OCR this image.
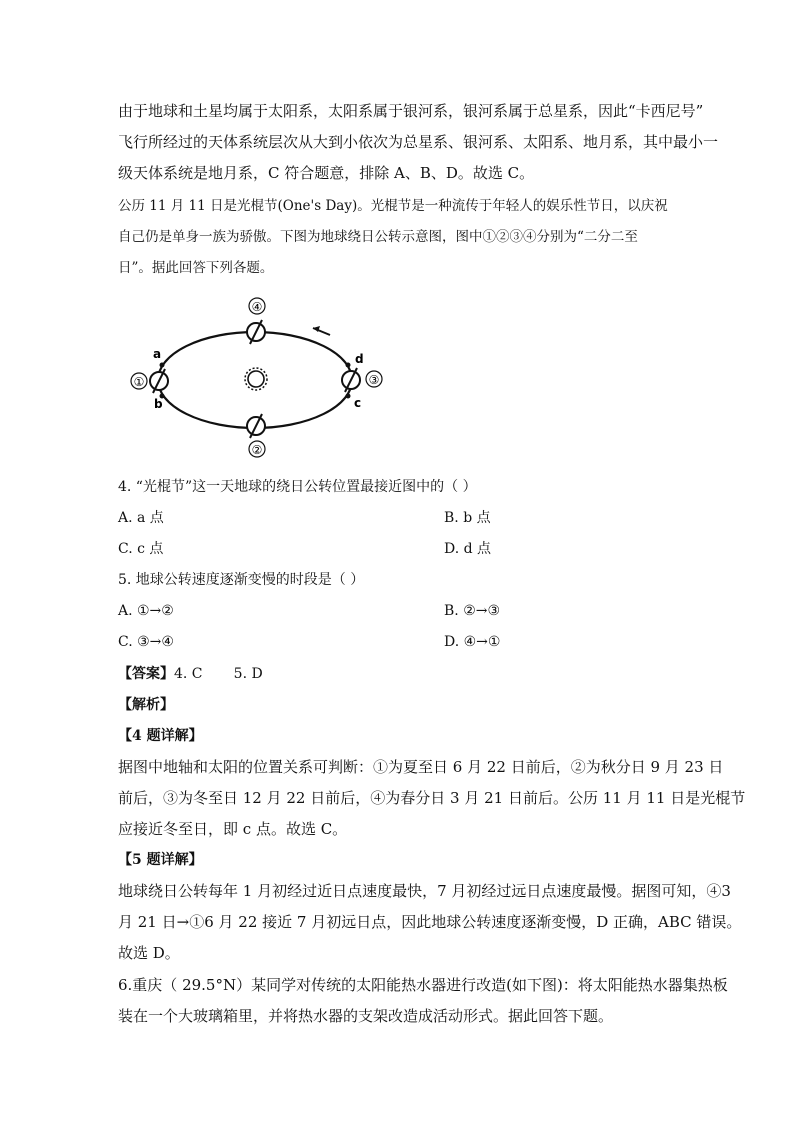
由于地球和土星均属于太阳系，太阳系属于银河系，银河系属于总星系，因此“卡西尼号”
飞行所经过的天体系统层次从大到小依次为总星系、银河系、太阳系、地月系，其中最小一
级天体系统是地月系，C 符合题意，排除 A、B、D。故选 C。
公历 11 月 11 日是光棍节(One's Day)。光棍节是一种流传于年轻人的娱乐性节日，以庆祝
自己仍是单身一族为骄傲。下图为地球绕日公转示意图，图中①②③④分别为“二分二至
日”。据此回答下列各题。
④
②
①	③
a
b	c
d
4. “光棍节”这一天地球的绕日公转位置最接近图中的（ ）
A. a 点	B. b 点
C. c 点	D. d 点
5. 地球公转速度逐渐变慢的时段是（ ）
A. ①→②	B. ②→③
C. ③→④	D. ④→①
【答案】4. C       5. D
【解析】
【4 题详解】
据图中地轴和太阳的位置关系可判断：①为夏至日 6 月 22 日前后，②为秋分日 9 月 23 日
前后，③为冬至日 12 月 22 日前后，④为春分日 3 月 21 日前后。公历 11 月 11 日是光棍节
应接近冬至日，即 c 点。故选 C。
【5 题详解】
地球绕日公转每年 1 月初经过近日点速度最快，7 月初经过远日点速度最慢。据图可知，④3
月 21 日→①6 月 22 接近 7 月初远日点，因此地球公转速度逐渐变慢，D 正确，ABC 错误。
故选 D。
6.重庆（ 29.5°N）某同学对传统的太阳能热水器进行改造(如下图)：将太阳能热水器集热板
装在一个大玻璃箱里，并将热水器的支架改造成活动形式。据此回答下题。
